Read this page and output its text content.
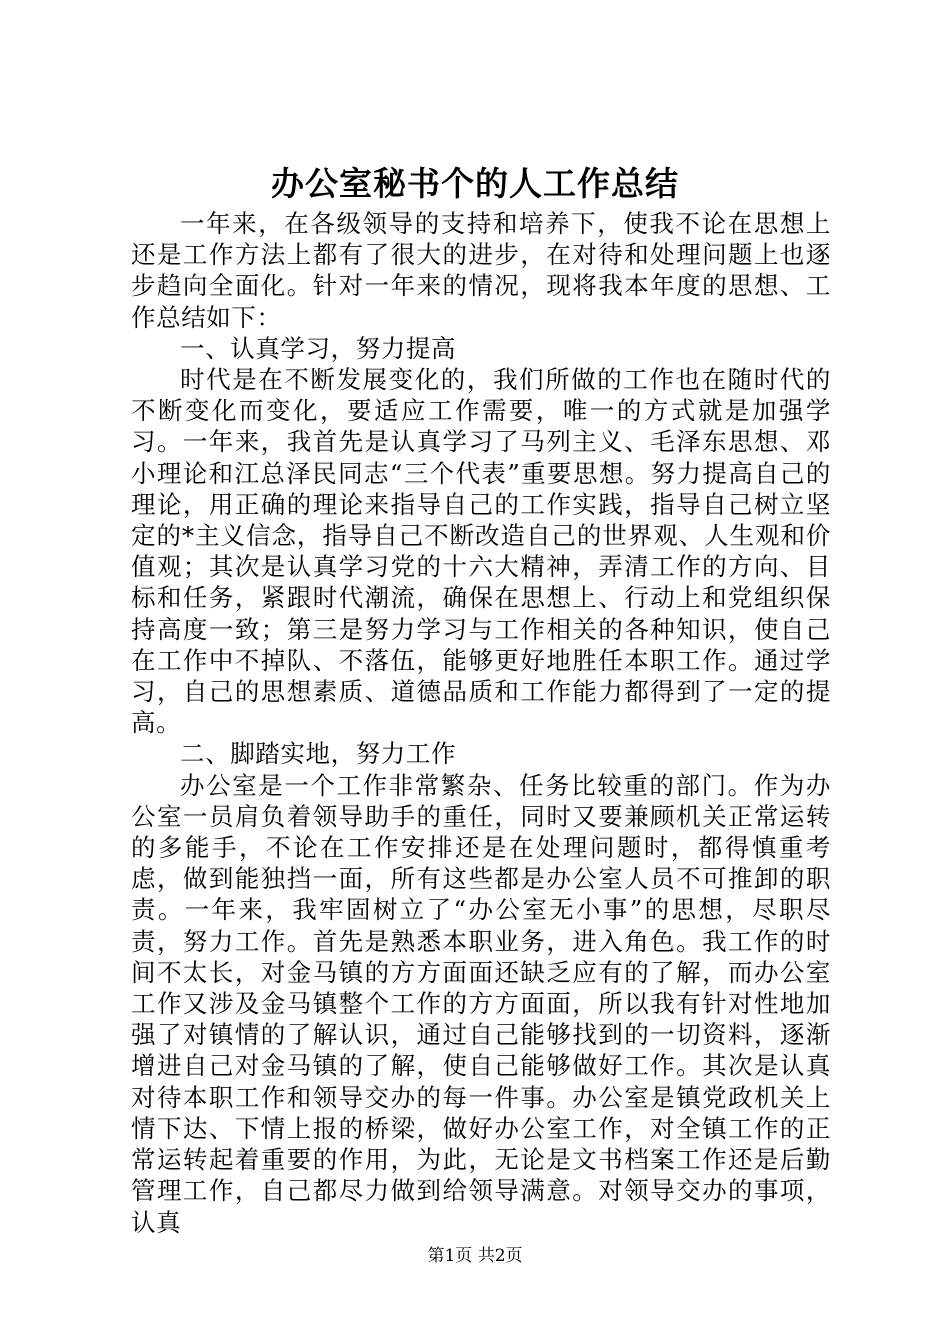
办公室秘书个的人工作总结

一年来，在各级领导的支持和培养下，使我不论在思想上还是工作方法上都有了很大的进步，在对待和处理问题上也逐步趋向全面化。针对一年来的情况，现将我本年度的思想、工作总结如下：

一、认真学习，努力提高

时代是在不断发展变化的，我们所做的工作也在随时代的不断变化而变化，要适应工作需要，唯一的方式就是加强学习。一年来，我首先是认真学习了马列主义、毛泽东思想、邓小理论和江总泽民同志“三个代表”重要思想。努力提高自己的理论，用正确的理论来指导自己的工作实践，指导自己树立坚定的*主义信念，指导自己不断改造自己的世界观、人生观和价值观；其次是认真学习党的十六大精神，弄清工作的方向、目标和任务，紧跟时代潮流，确保在思想上、行动上和党组织保持高度一致；第三是努力学习与工作相关的各种知识，使自己在工作中不掉队、不落伍，能够更好地胜任本职工作。通过学习，自己的思想素质、道德品质和工作能力都得到了一定的提高。

二、脚踏实地，努力工作

办公室是一个工作非常繁杂、任务比较重的部门。作为办公室一员肩负着领导助手的重任，同时又要兼顾机关正常运转的多能手，不论在工作安排还是在处理问题时，都得慎重考虑，做到能独挡一面，所有这些都是办公室人员不可推卸的职责。一年来，我牢固树立了“办公室无小事”的思想，尽职尽责，努力工作。首先是熟悉本职业务，进入角色。我工作的时间不太长，对金马镇的方方面面还缺乏应有的了解，而办公室工作又涉及金马镇整个工作的方方面面，所以我有针对性地加强了对镇情的了解认识，通过自己能够找到的一切资料，逐渐增进自己对金马镇的了解，使自己能够做好工作。其次是认真对待本职工作和领导交办的每一件事。办公室是镇党政机关上情下达、下情上报的桥梁，做好办公室工作，对全镇工作的正常运转起着重要的作用，为此，无论是文书档案工作还是后勤管理工作，自己都尽力做到给领导满意。对领导交办的事项，认真

第1页 共2页
